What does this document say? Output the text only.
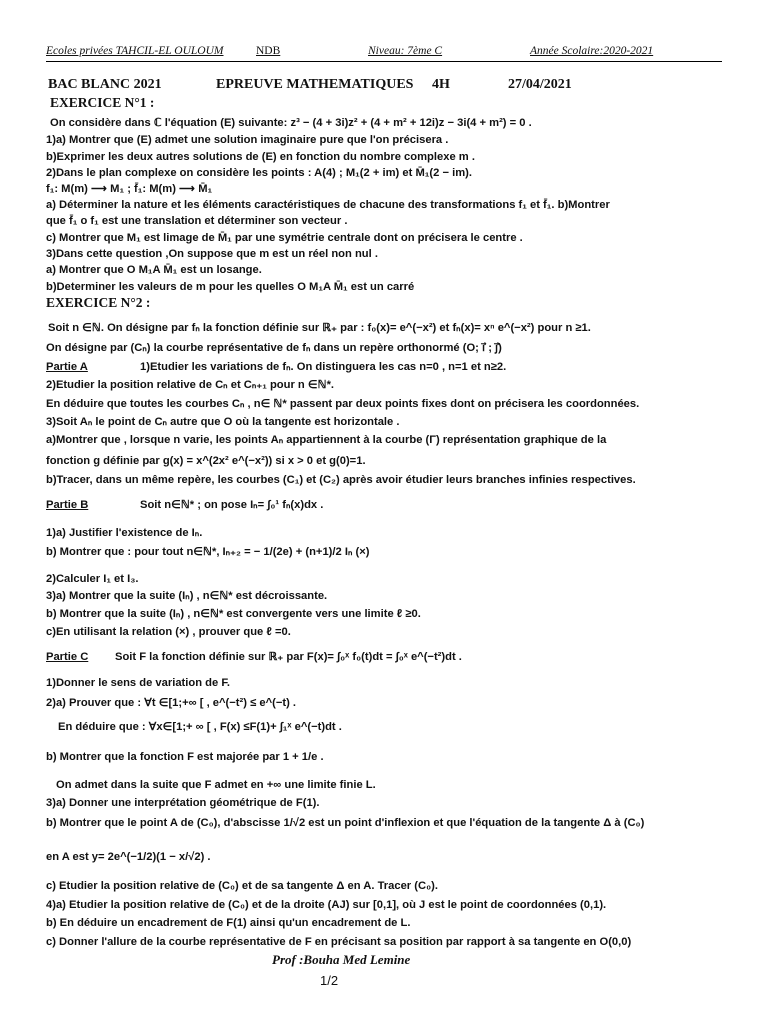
Ecoles privées TAHCIL-EL OULOUM	NDB	Niveau: 7ème C	Année Scolaire:2020-2021
BAC BLANC 2021	EPREUVE MATHEMATIQUES 4H	27/04/2021
EXERCICE N°1 :
On considère dans ℂ l'équation (E) suivante: z³ − (4 + 3i)z² + (4 + m² + 12i)z − 3i(4 + m²) = 0 .
1)a) Montrer que (E) admet une solution imaginaire pure que l'on précisera .
b)Exprimer les deux autres solutions de (E) en fonction du nombre complexe m .
2)Dans le plan complexe on considère les points : A(4) ; M₁(2 + im) et M̄₁(2 − im).
f₁: M(m) ⟶ M₁ ; f̄₁: M(m) ⟶ M̄₁
a) Déterminer la nature et les éléments caractéristiques de chacune des transformations f₁ et f̄₁. b)Montrer
que f̄₁ o f₁ est une translation et déterminer son vecteur .
c) Montrer que M₁ est limage de M̄₁ par une symétrie centrale dont on précisera le centre .
3)Dans cette question ,On suppose que m est un réel non nul .
a) Montrer que O M₁A M̄₁ est un losange.
b)Determiner les valeurs de m pour les quelles O M₁A M̄₁ est un carré
EXERCICE N°2 :
Soit n ∈ℕ. On désigne par fₙ la fonction définie sur ℝ₊ par : f₀(x)= e^(−x²) et fₙ(x)= xⁿ e^(−x²) pour n ≥1.
On désigne par (Cₙ) la courbe représentative de fₙ dans un repère orthonormé (O; i⃗ ; j⃗)
Partie A	1)Etudier les variations de fₙ. On distinguera les cas n=0 , n=1 et n≥2.
2)Etudier la position relative de Cₙ et Cₙ₊₁ pour n ∈ℕ*.
En déduire que toutes les courbes Cₙ , n∈ ℕ* passent par deux points fixes dont on précisera les coordonnées.
3)Soit Aₙ le point de Cₙ autre que O où la tangente est horizontale .
a)Montrer que , lorsque n varie, les points Aₙ appartiennent à la courbe (Γ) représentation graphique de la
fonction g définie par g(x) = x^(2x² e^(−x²)) si x > 0 et g(0)=1.
b)Tracer, dans un même repère, les courbes (C₁) et (C₂) après avoir étudier leurs branches infinies respectives.
Partie B	Soit n∈ℕ* ; on pose Iₙ= ∫₀¹ fₙ(x)dx .
1)a) Justifier l'existence de Iₙ.
b) Montrer que : pour tout n∈ℕ*, Iₙ₊₂ = − 1/(2e) + (n+1)/2 Iₙ (×)
2)Calculer I₁ et I₃.
3)a) Montrer que la suite (Iₙ) , n∈ℕ* est décroissante.
b) Montrer que la suite (Iₙ) , n∈ℕ* est convergente vers une limite ℓ ≥0.
c)En utilisant la relation (×) , prouver que ℓ =0.
Partie C	Soit F la fonction définie sur ℝ₊ par F(x)= ∫₀ˣ f₀(t)dt = ∫₀ˣ e^(−t²)dt .
1)Donner le sens de variation de F.
2)a) Prouver que : ∀t ∈[1;+∞ [ , e^(−t²) ≤ e^(−t) .
En déduire que : ∀x∈[1;+ ∞ [ , F(x) ≤F(1)+ ∫₁ˣ e^(−t)dt .
b) Montrer que la fonction F est majorée par 1 + 1/e .
On admet dans la suite que F admet en +∞ une limite finie L.
3)a) Donner une interprétation géométrique de F(1).
b) Montrer que le point A de (C₀), d'abscisse 1/√2 est un point d'inflexion et que l'équation de la tangente Δ à (C₀)
en A est y= 2e^(−1/2)(1 − x/√2) .
c) Etudier la position relative de (C₀) et de sa tangente Δ en A. Tracer (C₀).
4)a) Etudier la position relative de (C₀) et de la droite (AJ) sur [0,1], où J est le point de coordonnées (0,1).
b) En déduire un encadrement de F(1) ainsi qu'un encadrement de L.
c) Donner l'allure de la courbe représentative de F en précisant sa position par rapport à sa tangente en O(0,0)
Prof :Bouha Med Lemine
1/2
